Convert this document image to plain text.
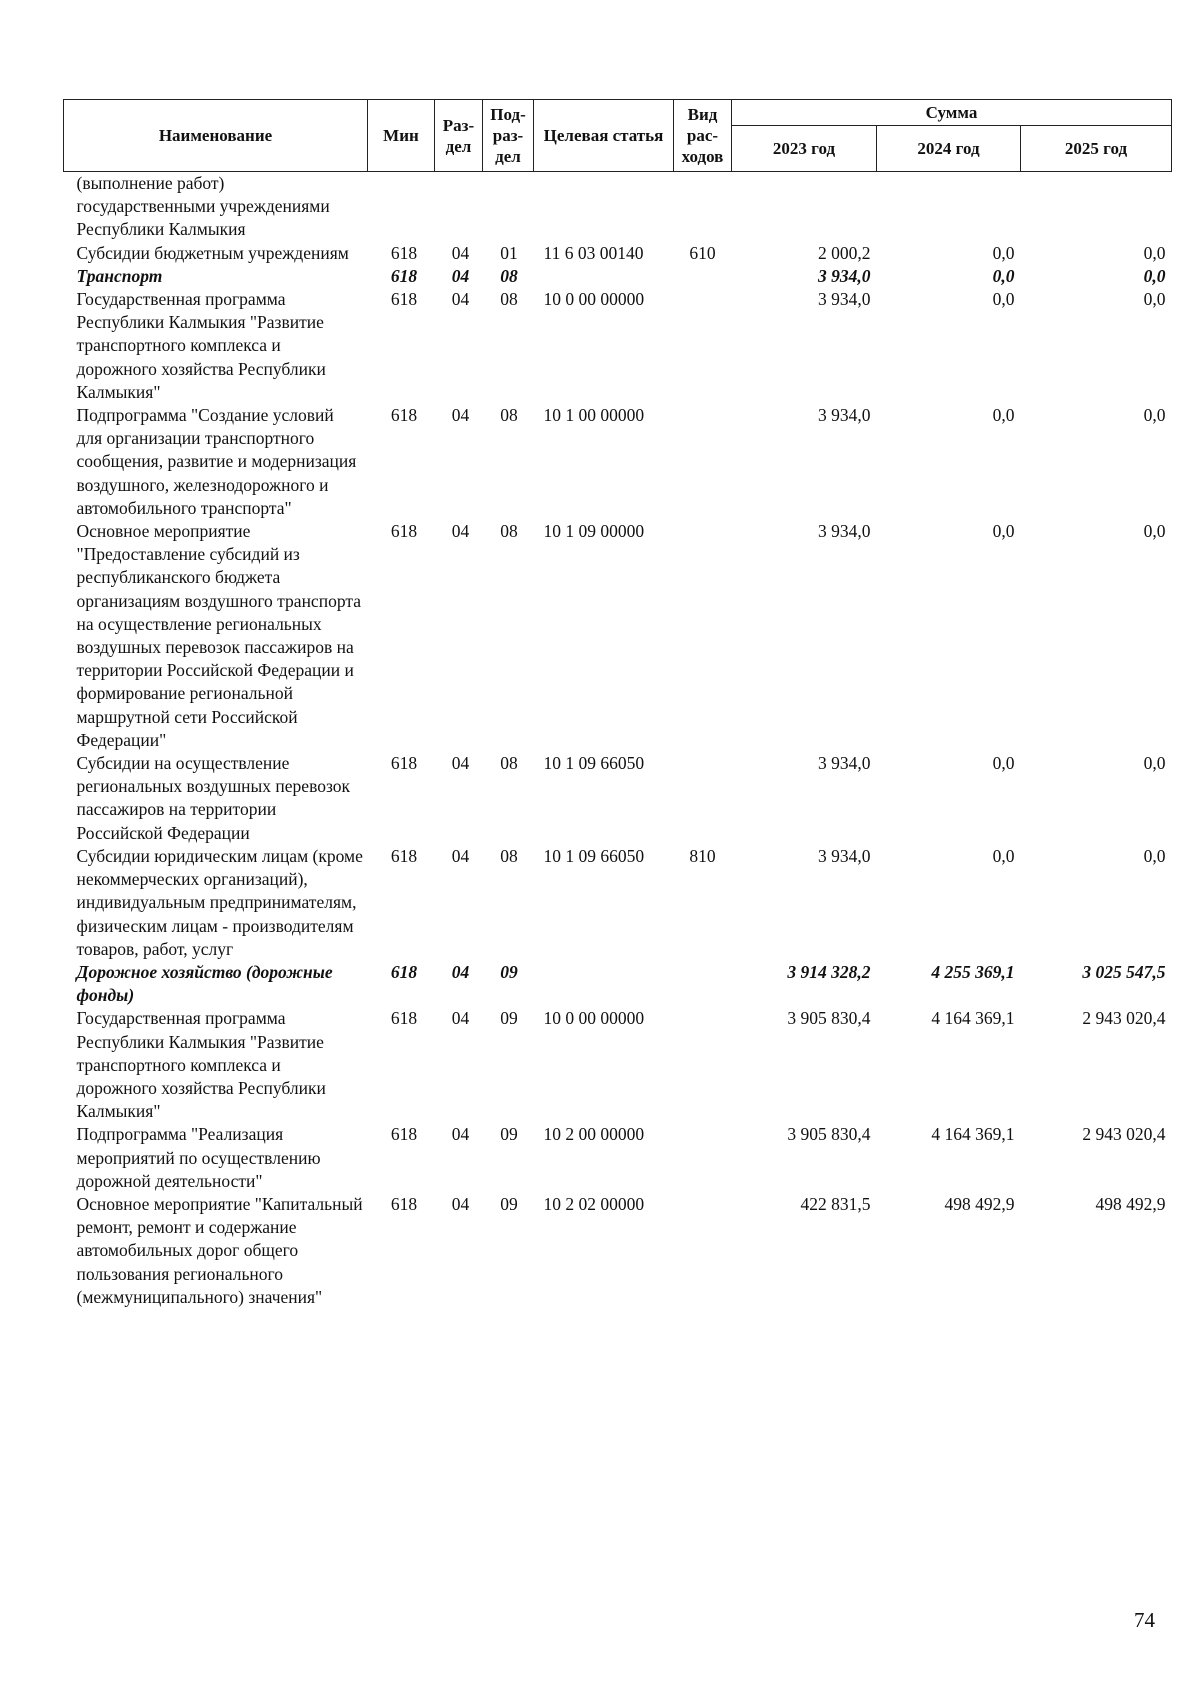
Наименование	Мин	Раз-дел	Под-раз-дел	Целевая статья	Вид рас-ходов	Сумма		
						2023 год	2024 год	2025 год
(выполнение работ) государственными учреждениями Республики Калмыкия								
Субсидии бюджетным учреждениям	618	04	01	11 6 03 00140	610	2 000,2	0,0	0,0
Транспорт	618	04	08			3 934,0	0,0	0,0
Государственная программа Республики Калмыкия "Развитие транспортного комплекса и дорожного хозяйства Республики Калмыкия"	618	04	08	10 0 00 00000		3 934,0	0,0	0,0
Подпрограмма "Создание условий для организации транспортного сообщения, развитие и модернизация воздушного, железнодорожного и автомобильного транспорта"	618	04	08	10 1 00 00000		3 934,0	0,0	0,0
Основное мероприятие "Предоставление субсидий из республиканского бюджета организациям воздушного транспорта на осуществление региональных воздушных перевозок пассажиров на территории Российской Федерации и формирование региональной маршрутной сети Российской Федерации"	618	04	08	10 1 09 00000		3 934,0	0,0	0,0
Субсидии на осуществление региональных воздушных перевозок пассажиров на территории Российской Федерации	618	04	08	10 1 09 66050		3 934,0	0,0	0,0
Субсидии юридическим лицам (кроме некоммерческих организаций), индивидуальным предпринимателям, физическим лицам - производителям товаров, работ, услуг	618	04	08	10 1 09 66050	810	3 934,0	0,0	0,0
Дорожное хозяйство (дорожные фонды)	618	04	09			3 914 328,2	4 255 369,1	3 025 547,5
Государственная программа Республики Калмыкия "Развитие транспортного комплекса и дорожного хозяйства Республики Калмыкия"	618	04	09	10 0 00 00000		3 905 830,4	4 164 369,1	2 943 020,4
Подпрограмма "Реализация мероприятий по осуществлению дорожной деятельности"	618	04	09	10 2 00 00000		3 905 830,4	4 164 369,1	2 943 020,4
Основное мероприятие "Капитальный ремонт, ремонт и содержание автомобильных дорог общего пользования регионального (межмуниципального) значения"	618	04	09	10 2 02 00000		422 831,5	498 492,9	498 492,9
74
